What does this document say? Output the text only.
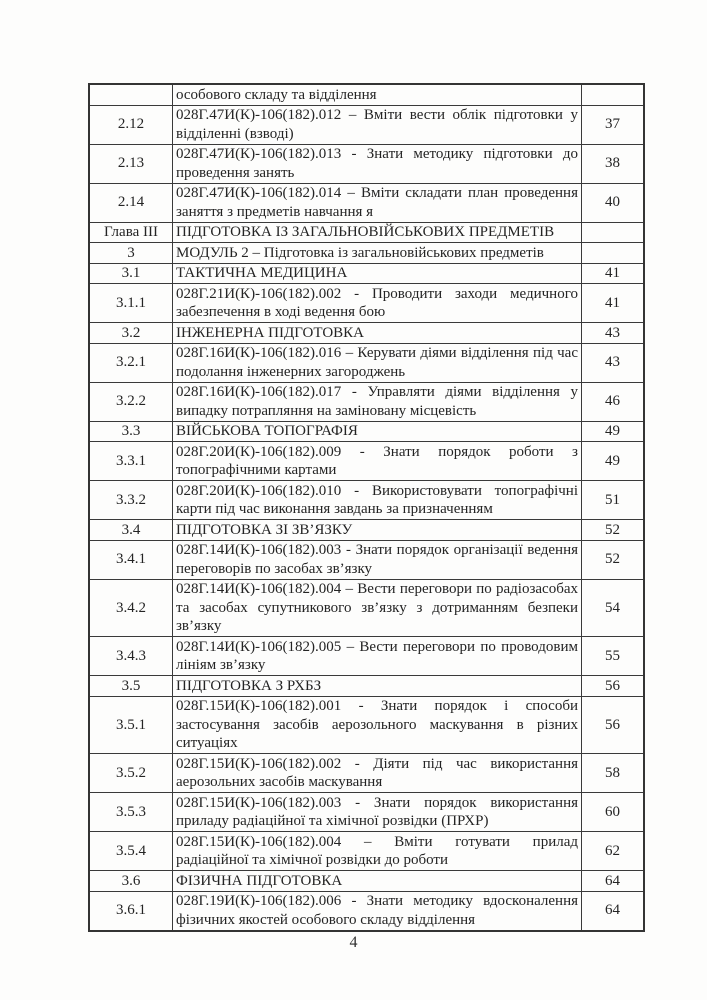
	особового складу та відділення	
2.12	028Г.47И(К)-106(182).012 – Вміти вести облік підготовки у відділенні (взводі)	37
2.13	028Г.47И(К)-106(182).013 - Знати методику підготовки до проведення занять	38
2.14	028Г.47И(К)-106(182).014 – Вміти складати план проведення заняття з предметів навчання я	40
Глава III	ПІДГОТОВКА ІЗ ЗАГАЛЬНОВІЙСЬКОВИХ ПРЕДМЕТІВ	
3	МОДУЛЬ 2 – Підготовка із загальновійськових предметів	
3.1	ТАКТИЧНА МЕДИЦИНА	41
3.1.1	028Г.21И(К)-106(182).002 - Проводити заходи медичного забезпечення в ході ведення бою	41
3.2	ІНЖЕНЕРНА ПІДГОТОВКА	43
3.2.1	028Г.16И(К)-106(182).016 – Керувати діями відділення під час подолання інженерних загороджень	43
3.2.2	028Г.16И(К)-106(182).017 - Управляти діями відділення у випадку потрапляння на заміновану місцевість	46
3.3	ВІЙСЬКОВА ТОПОГРАФІЯ	49
3.3.1	028Г.20И(К)-106(182).009 - Знати порядок роботи з топографічними картами	49
3.3.2	028Г.20И(К)-106(182).010 - Використовувати топографічні карти під час виконання завдань за призначенням	51
3.4	ПІДГОТОВКА ЗІ ЗВ’ЯЗКУ	52
3.4.1	028Г.14И(К)-106(182).003 - Знати порядок організації ведення переговорів по засобах зв’язку	52
3.4.2	028Г.14И(К)-106(182).004 – Вести переговори по радіозасобах та засобах супутникового зв’язку з дотриманням безпеки зв’язку	54
3.4.3	028Г.14И(К)-106(182).005 – Вести переговори по проводовим лініям зв’язку	55
3.5	ПІДГОТОВКА З РХБЗ	56
3.5.1	028Г.15И(К)-106(182).001 - Знати порядок і способи застосування засобів аерозольного маскування в різних ситуаціях	56
3.5.2	028Г.15И(К)-106(182).002 - Діяти під час використання аерозольних засобів маскування	58
3.5.3	028Г.15И(К)-106(182).003 - Знати порядок використання приладу радіаційної та хімічної розвідки (ПРХР)	60
3.5.4	028Г.15И(К)-106(182).004 – Вміти готувати прилад радіаційної та хімічної розвідки до роботи	62
3.6	ФІЗИЧНА ПІДГОТОВКА	64
3.6.1	028Г.19И(К)-106(182).006 - Знати методику вдосконалення фізичних якостей особового складу відділення	64
4
